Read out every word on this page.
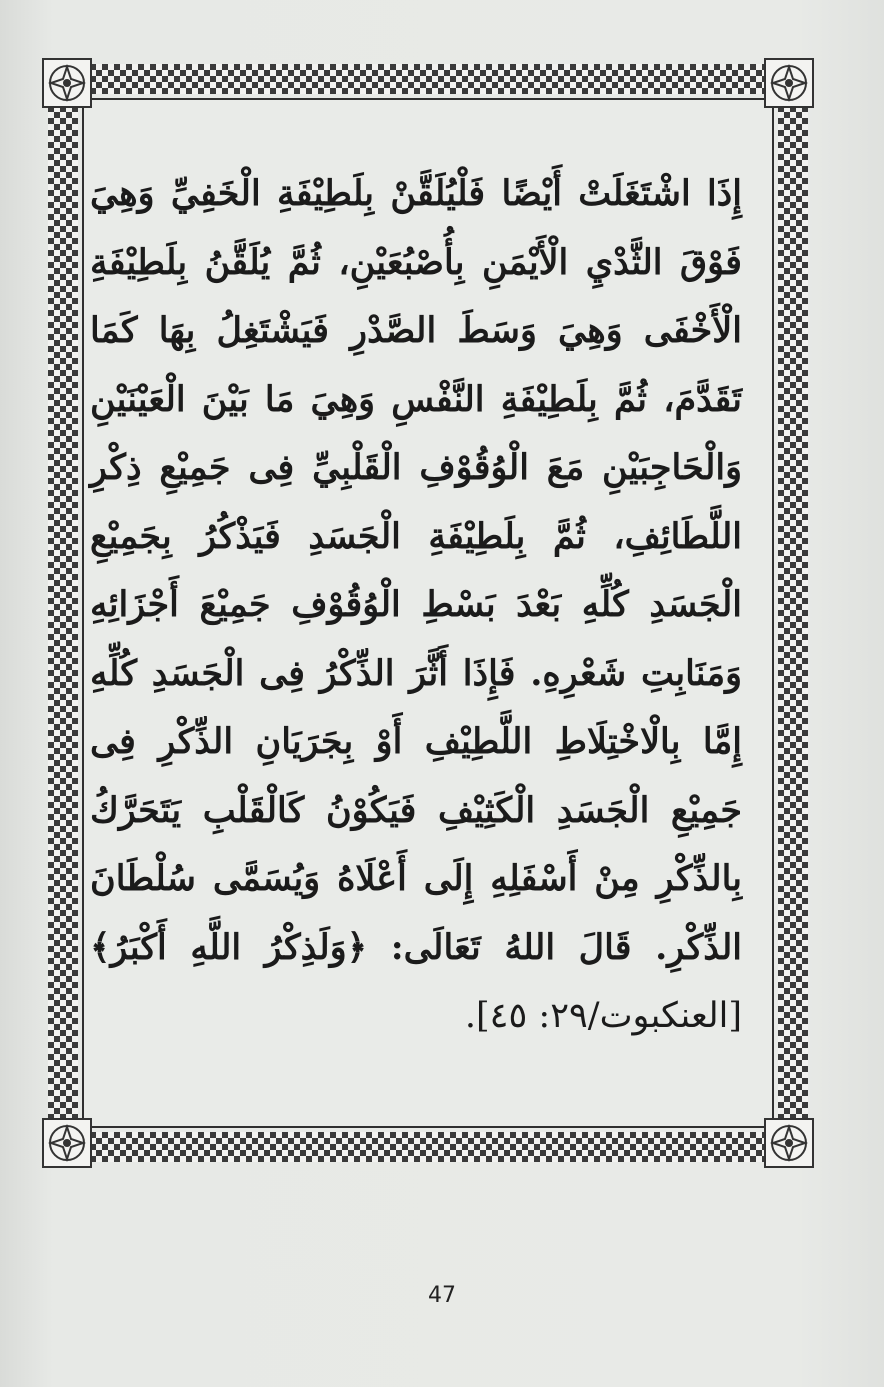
إِذَا اشْتَغَلَتْ أَيْضًا فَلْيُلَقَّنْ بِلَطِيْفَةِ الْخَفِيِّ وَهِيَ فَوْقَ الثَّدْيِ الْأَيْمَنِ بِأُصْبُعَيْنِ، ثُمَّ يُلَقَّنُ بِلَطِيْفَةِ الْأَخْفَى وَهِيَ وَسَطَ الصَّدْرِ فَيَشْتَغِلُ بِهَا كَمَا تَقَدَّمَ، ثُمَّ بِلَطِيْفَةِ النَّفْسِ وَهِيَ مَا بَيْنَ الْعَيْنَيْنِ وَالْحَاجِبَيْنِ مَعَ الْوُقُوْفِ الْقَلْبِيِّ فِى جَمِيْعِ ذِكْرِ اللَّطَائِفِ، ثُمَّ بِلَطِيْفَةِ الْجَسَدِ فَيَذْكُرُ بِجَمِيْعِ الْجَسَدِ كُلِّهِ بَعْدَ بَسْطِ الْوُقُوْفِ جَمِيْعَ أَجْزَائِهِ وَمَنَابِتِ شَعْرِهِ. فَإِذَا أَثَّرَ الذِّكْرُ فِى الْجَسَدِ كُلِّهِ إِمَّا بِالْاخْتِلَاطِ اللَّطِيْفِ أَوْ بِجَرَيَانِ الذِّكْرِ فِى جَمِيْعِ الْجَسَدِ الْكَثِيْفِ فَيَكُوْنُ كَالْقَلْبِ يَتَحَرَّكُ بِالذِّكْرِ مِنْ أَسْفَلِهِ إِلَى أَعْلَاهُ وَيُسَمَّى سُلْطَانَ الذِّكْرِ. قَالَ اللهُ تَعَالَى: ﴿وَلَذِكْرُ اللَّهِ أَكْبَرُ﴾ [العنكبوت/٢٩: ٤٥].
47
